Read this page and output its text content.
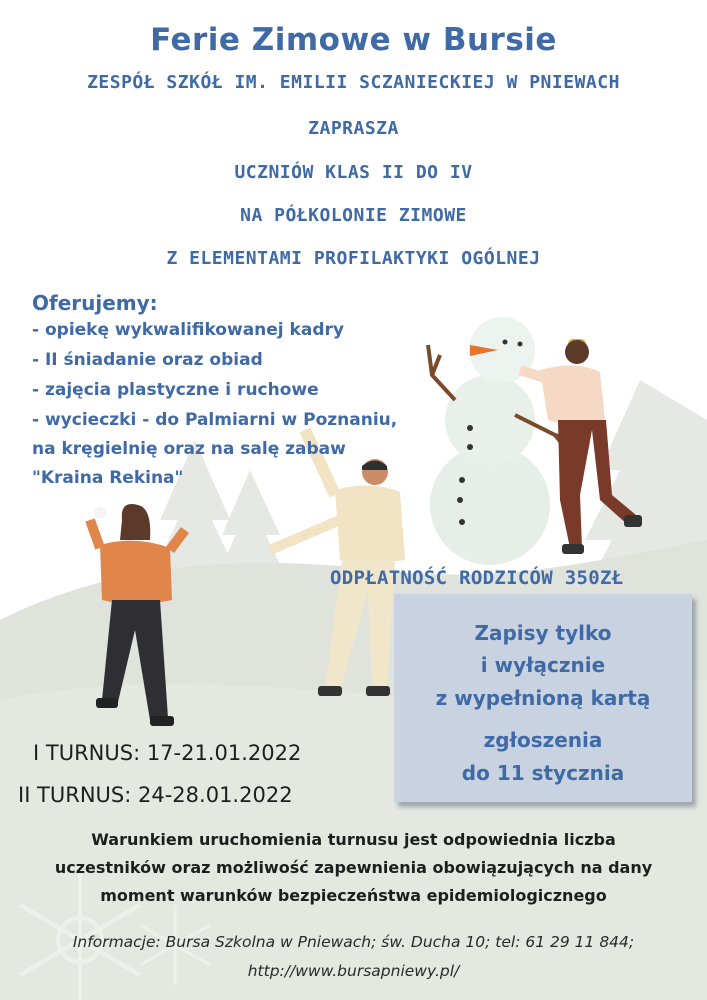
Ferie Zimowe w Bursie
ZESPÓŁ SZKÓŁ IM. EMILII SCZANIECKIEJ W PNIEWACH
ZAPRASZA
UCZNIÓW KLAS II DO IV
NA PÓŁKOLONIE ZIMOWE
Z ELEMENTAMI PROFILAKTYKI OGÓLNEJ
Oferujemy:
- opiekę wykwalifikowanej kadry
- II śniadanie oraz obiad
- zajęcia plastyczne i ruchowe
- wycieczki - do Palmiarni w Poznaniu,
na kręgielnię oraz na salę zabaw
"Kraina Rekina"
ODPŁATNOŚĆ RODZICÓW 350ZŁ
Zapisy tylko
i wyłącznie
z wypełnioną kartą
zgłoszenia
do 11 stycznia
I TURNUS: 17-21.01.2022
II TURNUS: 24-28.01.2022
Warunkiem uruchomienia turnusu jest odpowiednia liczba
uczestników oraz możliwość zapewnienia obowiązujących na dany
moment warunków bezpieczeństwa epidemiologicznego
Informacje: Bursa Szkolna w Pniewach; św. Ducha 10; tel: 61 29 11 844;
http://www.bursapniewy.pl/
